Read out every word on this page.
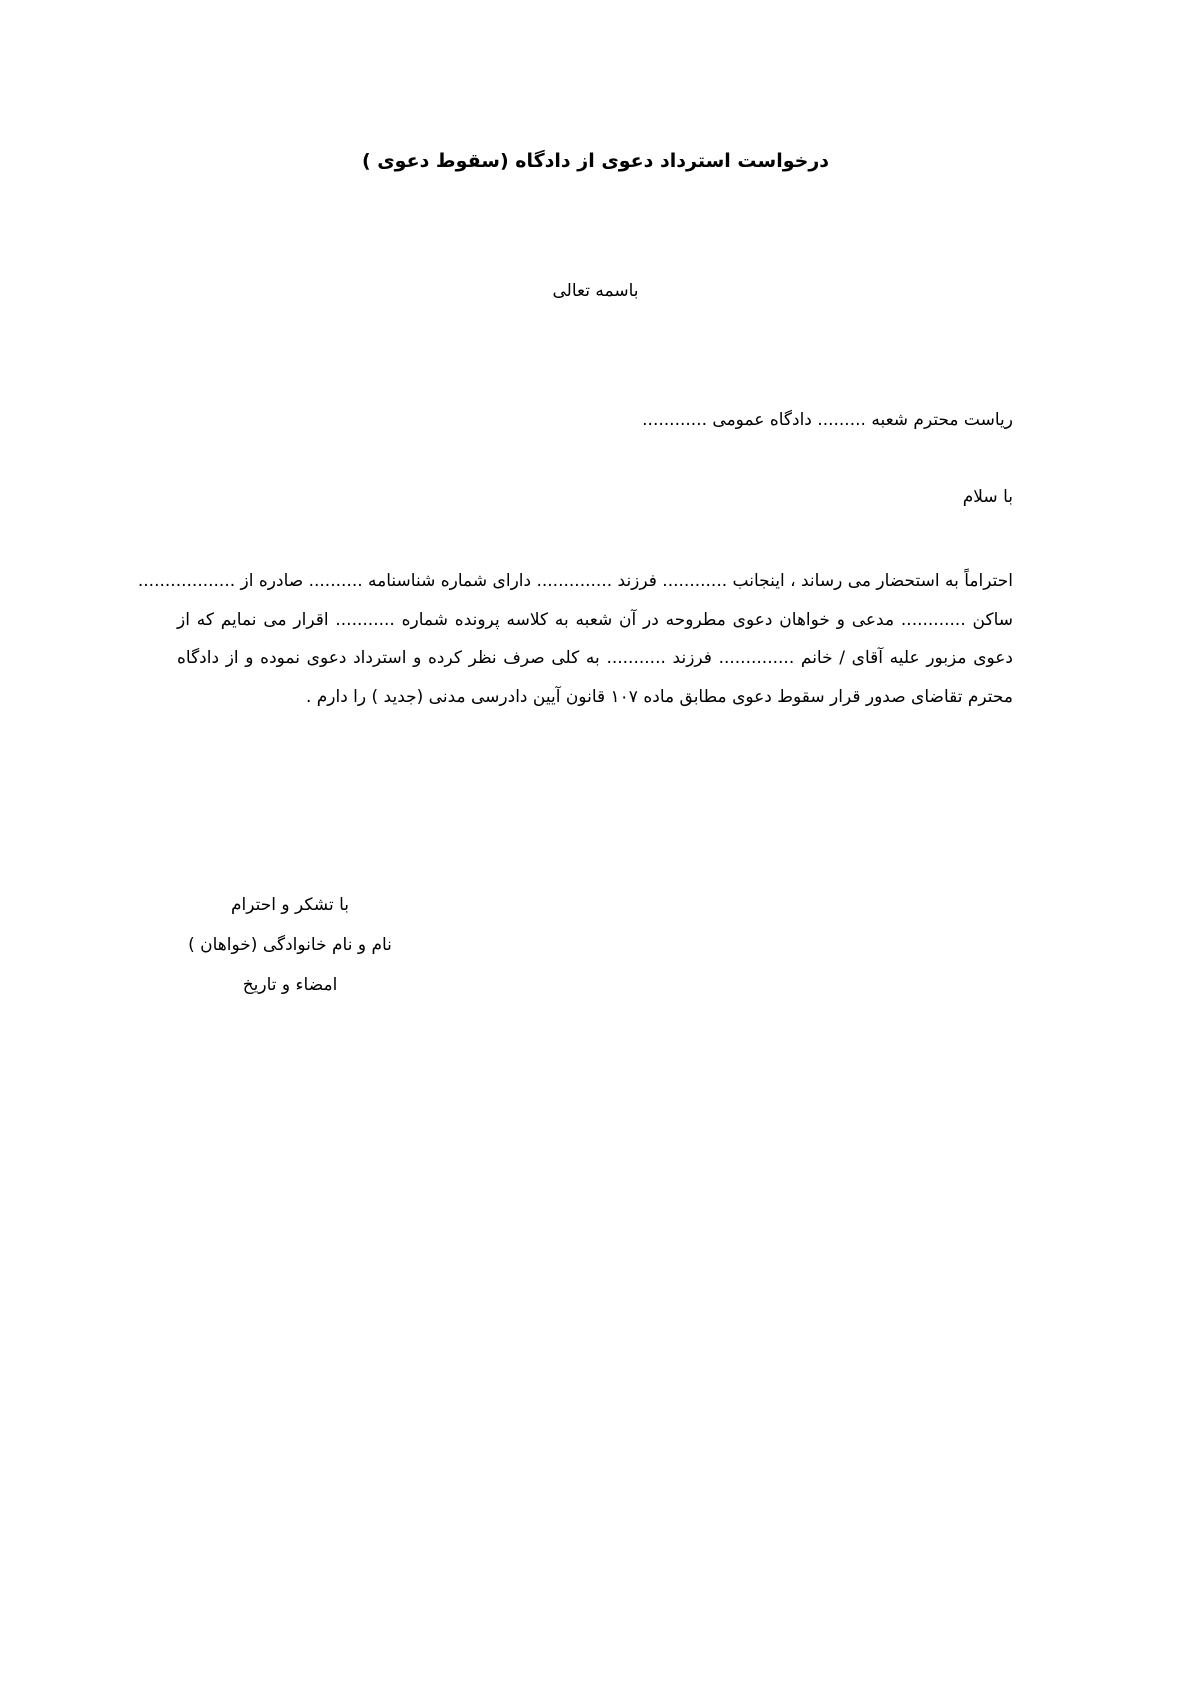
درخواست استرداد دعوی از دادگاه (سقوط دعوی )
باسمه تعالی
ریاست محترم شعبه ......... دادگاه عمومی ............
با سلام
احتراماً به استحضار می رساند ، اینجانب ............ فرزند .............. دارای شماره شناسنامه .......... صادره از ..................
ساکن ............ مدعی و خواهان دعوی مطروحه در آن شعبه به کلاسه پرونده شماره ........... اقرار می نمایم که از
دعوی مزبور علیه آقای / خانم .............. فرزند ........... به کلی صرف نظر کرده و استرداد دعوی نموده و از دادگاه
محترم تقاضای صدور قرار سقوط دعوی مطابق ماده ۱۰۷ قانون آیین دادرسی مدنی (جدید ) را دارم .
با تشکر و احترام
نام و نام خانوادگی (خواهان )
امضاء و تاریخ
